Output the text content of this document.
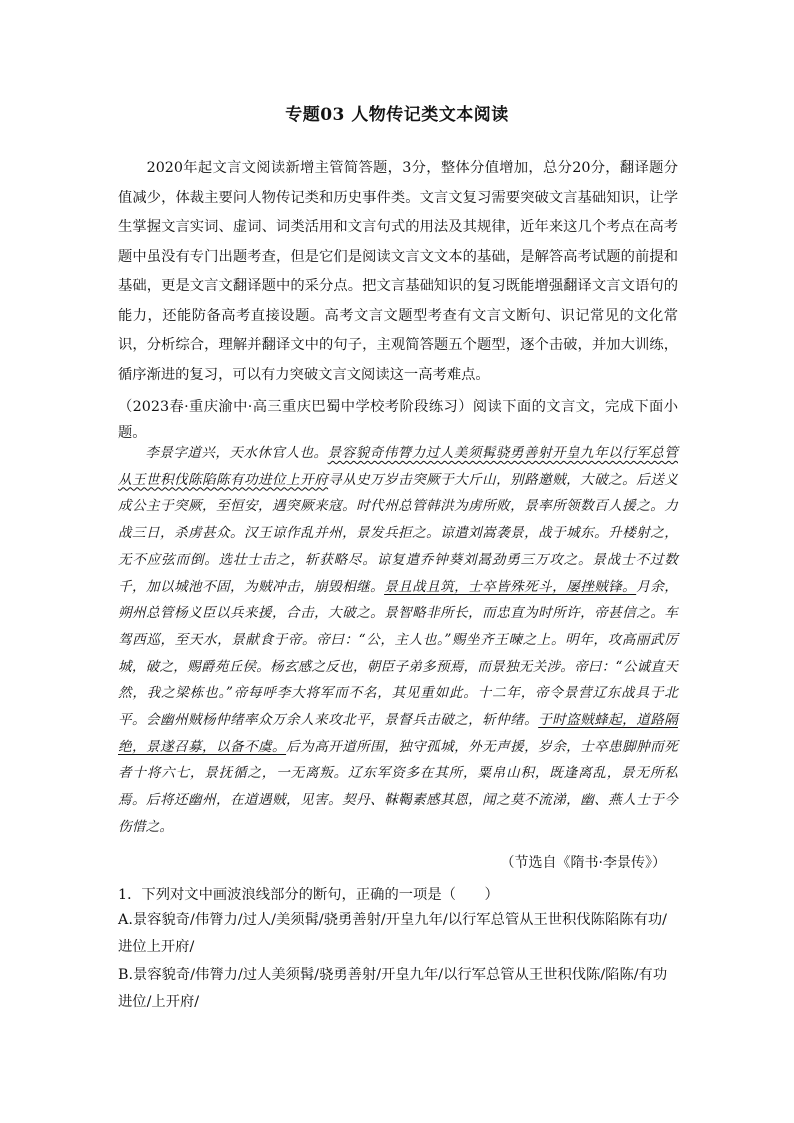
专题03 人物传记类文本阅读

2020年起文言文阅读新增主管简答题，3分，整体分值增加，总分20分，翻译题分值减少，体裁主要问人物传记类和历史事件类。文言文复习需要突破文言基础知识，让学生掌握文言实词、虚词、词类活用和文言句式的用法及其规律，近年来这几个考点在高考题中虽没有专门出题考查，但是它们是阅读文言文文本的基础，是解答高考试题的前提和基础，更是文言文翻译题中的采分点。把文言基础知识的复习既能增强翻译文言文语句的能力，还能防备高考直接设题。高考文言文题型考查有文言文断句、识记常见的文化常识，分析综合，理解并翻译文中的句子，主观简答题五个题型，逐个击破，并加大训练，循序渐进的复习，可以有力突破文言文阅读这一高考难点。

（2023春·重庆渝中·高三重庆巴蜀中学校考阶段练习）阅读下面的文言文，完成下面小题。

李景字道兴，天水休官人也。景容貌奇伟膂力过人美须髯骁勇善射开皇九年以行军总管从王世积伐陈陷陈有功进位上开府寻从史万岁击突厥于大斤山，别路邀贼，大破之。后送义成公主于突厥，至恒安，遇突厥来寇。时代州总管韩洪为虏所败，景率所领数百人援之。力战三日，杀虏甚众。汉王谅作乱并州，景发兵拒之。谅遣刘嵩袭景，战于城东。升楼射之，无不应弦而倒。选壮士击之，斩获略尽。谅复遣乔钟葵刘暠劲勇三万攻之。景战士不过数千，加以城池不固，为贼冲击，崩毁相继。景且战且筑，士卒皆殊死斗，屡挫贼锋。月余，朔州总管杨义臣以兵来援，合击，大破之。景智略非所长，而忠直为时所许，帝甚信之。车驾西巡，至天水，景献食于帝。帝曰：“公，主人也。”赐坐齐王暕之上。明年，攻高丽武厉城，破之，赐爵苑丘侯。杨玄感之反也，朝臣子弟多预焉，而景独无关涉。帝曰：“公诚直天然，我之梁栋也。”帝每呼李大将军而不名，其见重如此。十二年，帝令景营辽东战具于北平。会幽州贼杨仲绪率众万余人来攻北平，景督兵击破之，斩仲绪。于时盗贼蜂起，道路隔绝，景遂召募，以备不虞。后为高开道所围，独守孤城，外无声援，岁余，士卒患脚肿而死者十将六七，景抚循之，一无离叛。辽东军资多在其所，粟帛山积，既逢离乱，景无所私焉。后将还幽州，在道遇贼，见害。契丹、靺鞨素感其恩，闻之莫不流涕，幽、燕人士于今伤惜之。

（节选自《隋书·李景传》）
1．下列对文中画波浪线部分的断句，正确的一项是（　　）
A.景容貌奇/伟膂力/过人/美须髯/骁勇善射/开皇九年/以行军总管从王世积伐陈陷陈有功/进位上开府/
B.景容貌奇/伟膂力/过人美须髯/骁勇善射/开皇九年/以行军总管从王世积伐陈/陷陈/有功进位/上开府/
